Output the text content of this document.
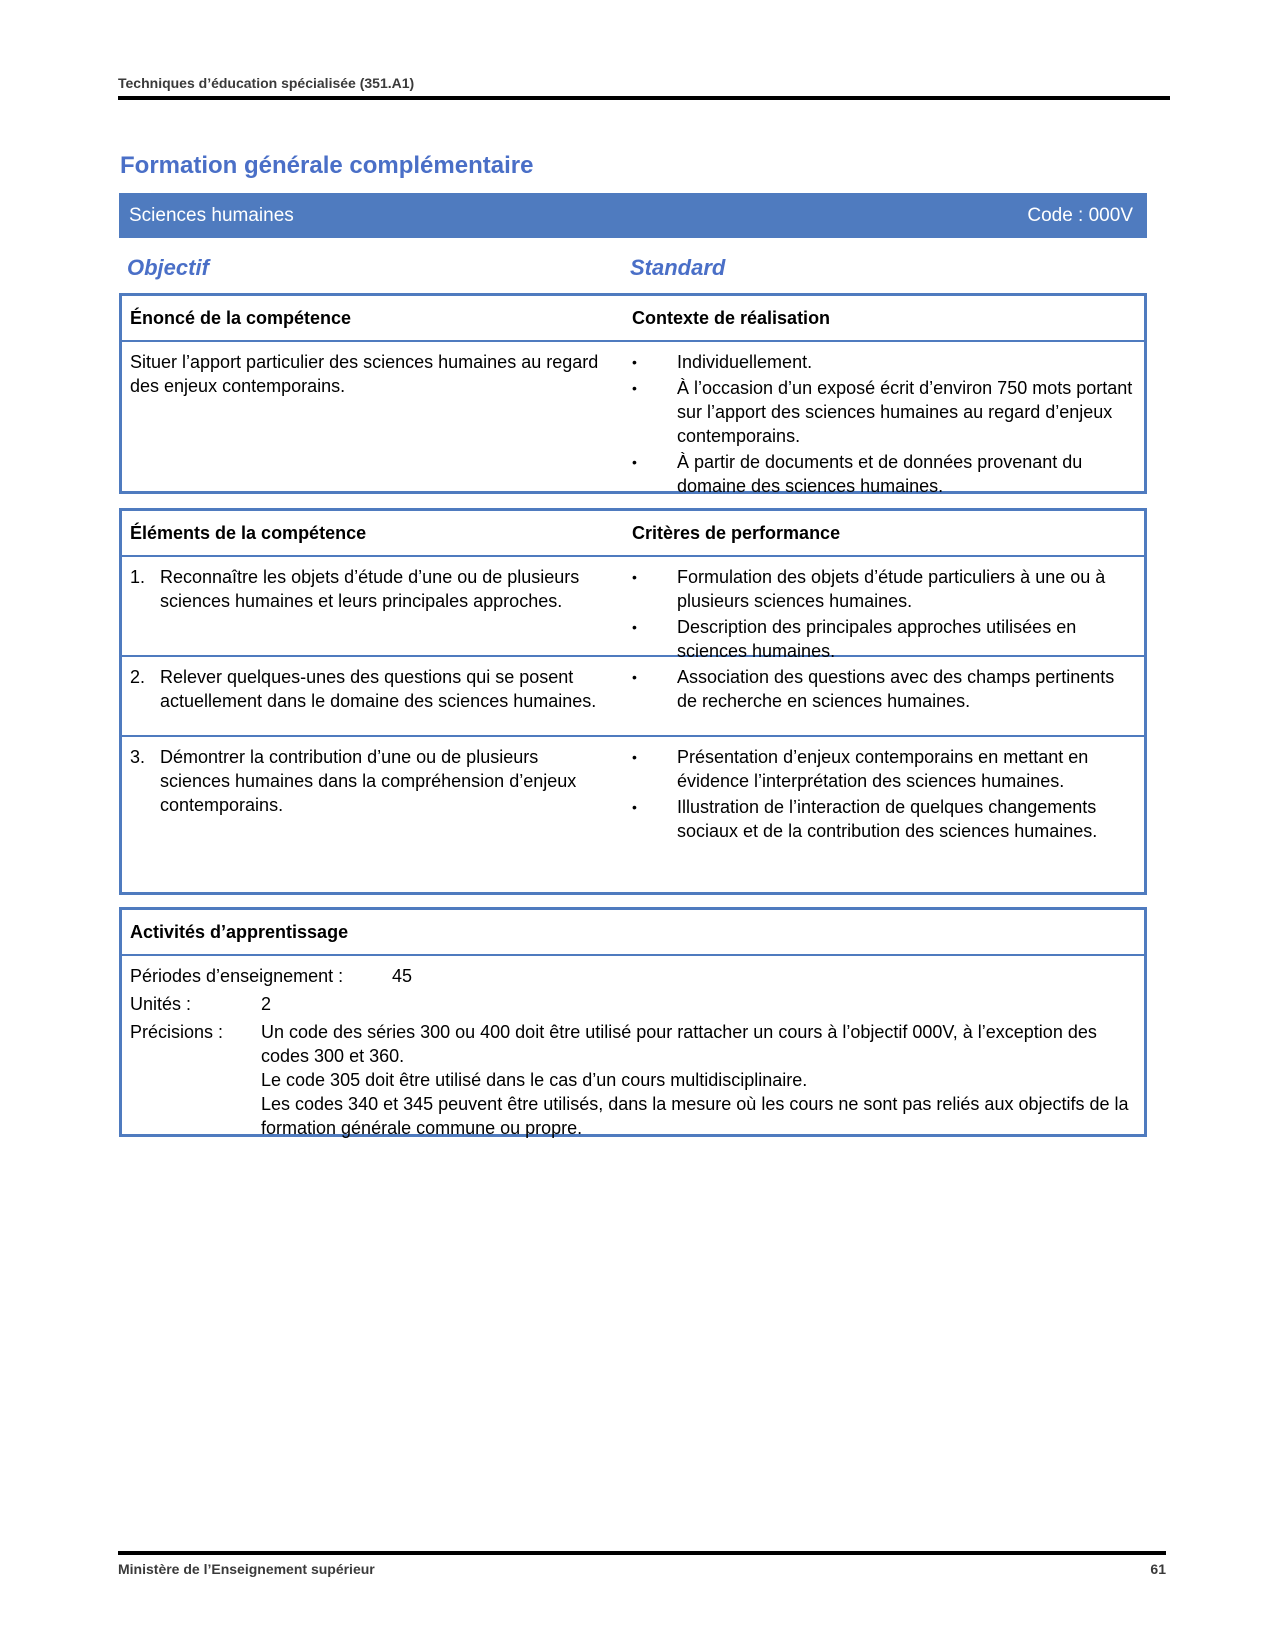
Techniques d’éducation spécialisée (351.A1)
Formation générale complémentaire
Sciences humaines	Code : 000V
Objectif	Standard
Énoncé de la compétence	Contexte de réalisation
Situer l’apport particulier des sciences humaines au regard des enjeux contemporains.
•	Individuellement.
•	À l’occasion d’un exposé écrit d’environ 750 mots portant sur l’apport des sciences humaines au regard d’enjeux contemporains.
•	À partir de documents et de données provenant du domaine des sciences humaines.
Éléments de la compétence	Critères de performance
1. Reconnaître les objets d’étude d’une ou de plusieurs sciences humaines et leurs principales approches.
•	Formulation des objets d’étude particuliers à une ou à plusieurs sciences humaines.
•	Description des principales approches utilisées en sciences humaines.
2. Relever quelques-unes des questions qui se posent actuellement dans le domaine des sciences humaines.
•	Association des questions avec des champs pertinents de recherche en sciences humaines.
3. Démontrer la contribution d’une ou de plusieurs sciences humaines dans la compréhension d’enjeux contemporains.
•	Présentation d’enjeux contemporains en mettant en évidence l’interprétation des sciences humaines.
•	Illustration de l’interaction de quelques changements sociaux et de la contribution des sciences humaines.
Activités d’apprentissage
Périodes d’enseignement :	45
Unités :	2
Précisions :	Un code des séries 300 ou 400 doit être utilisé pour rattacher un cours à l’objectif 000V, à l’exception des codes 300 et 360.
Le code 305 doit être utilisé dans le cas d’un cours multidisciplinaire.
Les codes 340 et 345 peuvent être utilisés, dans la mesure où les cours ne sont pas reliés aux objectifs de la formation générale commune ou propre.
Ministère de l’Enseignement supérieur	61
